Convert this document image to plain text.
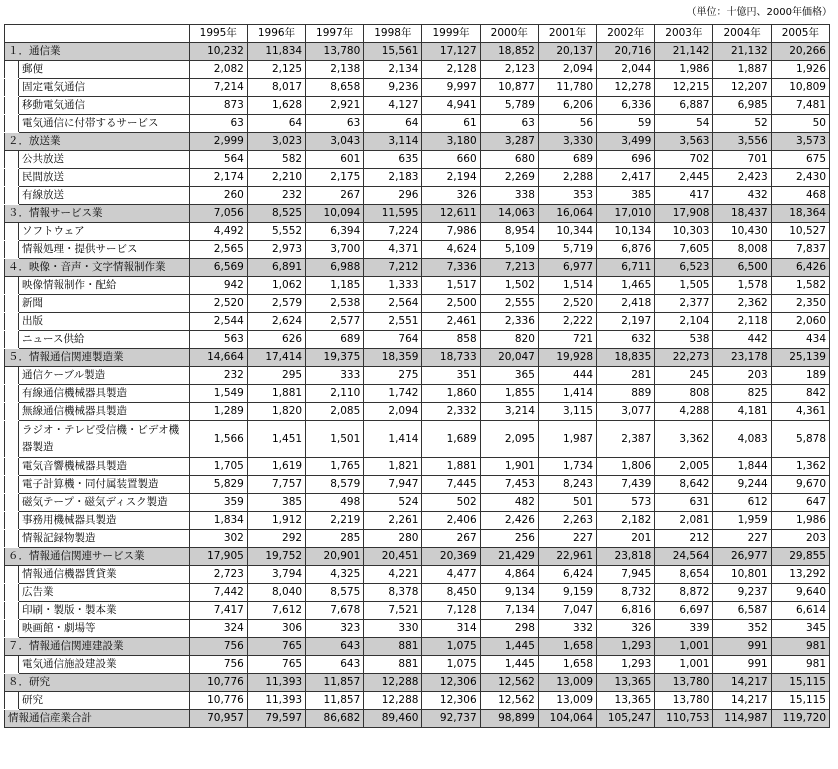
（単位：十億円、2000年価格）
		1995年	1996年	1997年	1998年	1999年	2000年	2001年	2002年	2003年	2004年	2005年
１．通信業		10,232	11,834	13,780	15,561	17,127	18,852	20,137	20,716	21,142	21,132	20,266
	郵便	2,082	2,125	2,138	2,134	2,128	2,123	2,094	2,044	1,986	1,887	1,926
	固定電気通信	7,214	8,017	8,658	9,236	9,997	10,877	11,780	12,278	12,215	12,207	10,809
	移動電気通信	873	1,628	2,921	4,127	4,941	5,789	6,206	6,336	6,887	6,985	7,481
	電気通信に付帯するサービス	63	64	63	64	61	63	56	59	54	52	50
２．放送業		2,999	3,023	3,043	3,114	3,180	3,287	3,330	3,499	3,563	3,556	3,573
	公共放送	564	582	601	635	660	680	689	696	702	701	675
	民間放送	2,174	2,210	2,175	2,183	2,194	2,269	2,288	2,417	2,445	2,423	2,430
	有線放送	260	232	267	296	326	338	353	385	417	432	468
３．情報サービス業		7,056	8,525	10,094	11,595	12,611	14,063	16,064	17,010	17,908	18,437	18,364
	ソフトウェア	4,492	5,552	6,394	7,224	7,986	8,954	10,344	10,134	10,303	10,430	10,527
	情報処理・提供サービス	2,565	2,973	3,700	4,371	4,624	5,109	5,719	6,876	7,605	8,008	7,837
４．映像・音声・文字情報制作業		6,569	6,891	6,988	7,212	7,336	7,213	6,977	6,711	6,523	6,500	6,426
	映像情報制作・配給	942	1,062	1,185	1,333	1,517	1,502	1,514	1,465	1,505	1,578	1,582
	新聞	2,520	2,579	2,538	2,564	2,500	2,555	2,520	2,418	2,377	2,362	2,350
	出版	2,544	2,624	2,577	2,551	2,461	2,336	2,222	2,197	2,104	2,118	2,060
	ニュース供給	563	626	689	764	858	820	721	632	538	442	434
５．情報通信関連製造業		14,664	17,414	19,375	18,359	18,733	20,047	19,928	18,835	22,273	23,178	25,139
	通信ケーブル製造	232	295	333	275	351	365	444	281	245	203	189
	有線通信機械器具製造	1,549	1,881	2,110	1,742	1,860	1,855	1,414	889	808	825	842
	無線通信機械器具製造	1,289	1,820	2,085	2,094	2,332	3,214	3,115	3,077	4,288	4,181	4,361
	ラジオ・テレビ受信機・ビデオ機器製造	1,566	1,451	1,501	1,414	1,689	2,095	1,987	2,387	3,362	4,083	5,878
	電気音響機械器具製造	1,705	1,619	1,765	1,821	1,881	1,901	1,734	1,806	2,005	1,844	1,362
	電子計算機・同付属装置製造	5,829	7,757	8,579	7,947	7,445	7,453	8,243	7,439	8,642	9,244	9,670
	磁気テープ・磁気ディスク製造	359	385	498	524	502	482	501	573	631	612	647
	事務用機械器具製造	1,834	1,912	2,219	2,261	2,406	2,426	2,263	2,182	2,081	1,959	1,986
	情報記録物製造	302	292	285	280	267	256	227	201	212	227	203
６．情報通信関連サービス業		17,905	19,752	20,901	20,451	20,369	21,429	22,961	23,818	24,564	26,977	29,855
	情報通信機器賃貸業	2,723	3,794	4,325	4,221	4,477	4,864	6,424	7,945	8,654	10,801	13,292
	広告業	7,442	8,040	8,575	8,378	8,450	9,134	9,159	8,732	8,872	9,237	9,640
	印刷・製版・製本業	7,417	7,612	7,678	7,521	7,128	7,134	7,047	6,816	6,697	6,587	6,614
	映画館・劇場等	324	306	323	330	314	298	332	326	339	352	345
７．情報通信関連建設業		756	765	643	881	1,075	1,445	1,658	1,293	1,001	991	981
	電気通信施設建設業	756	765	643	881	1,075	1,445	1,658	1,293	1,001	991	981
８．研究		10,776	11,393	11,857	12,288	12,306	12,562	13,009	13,365	13,780	14,217	15,115
	研究	10,776	11,393	11,857	12,288	12,306	12,562	13,009	13,365	13,780	14,217	15,115
情報通信産業合計		70,957	79,597	86,682	89,460	92,737	98,899	104,064	105,247	110,753	114,987	119,720
